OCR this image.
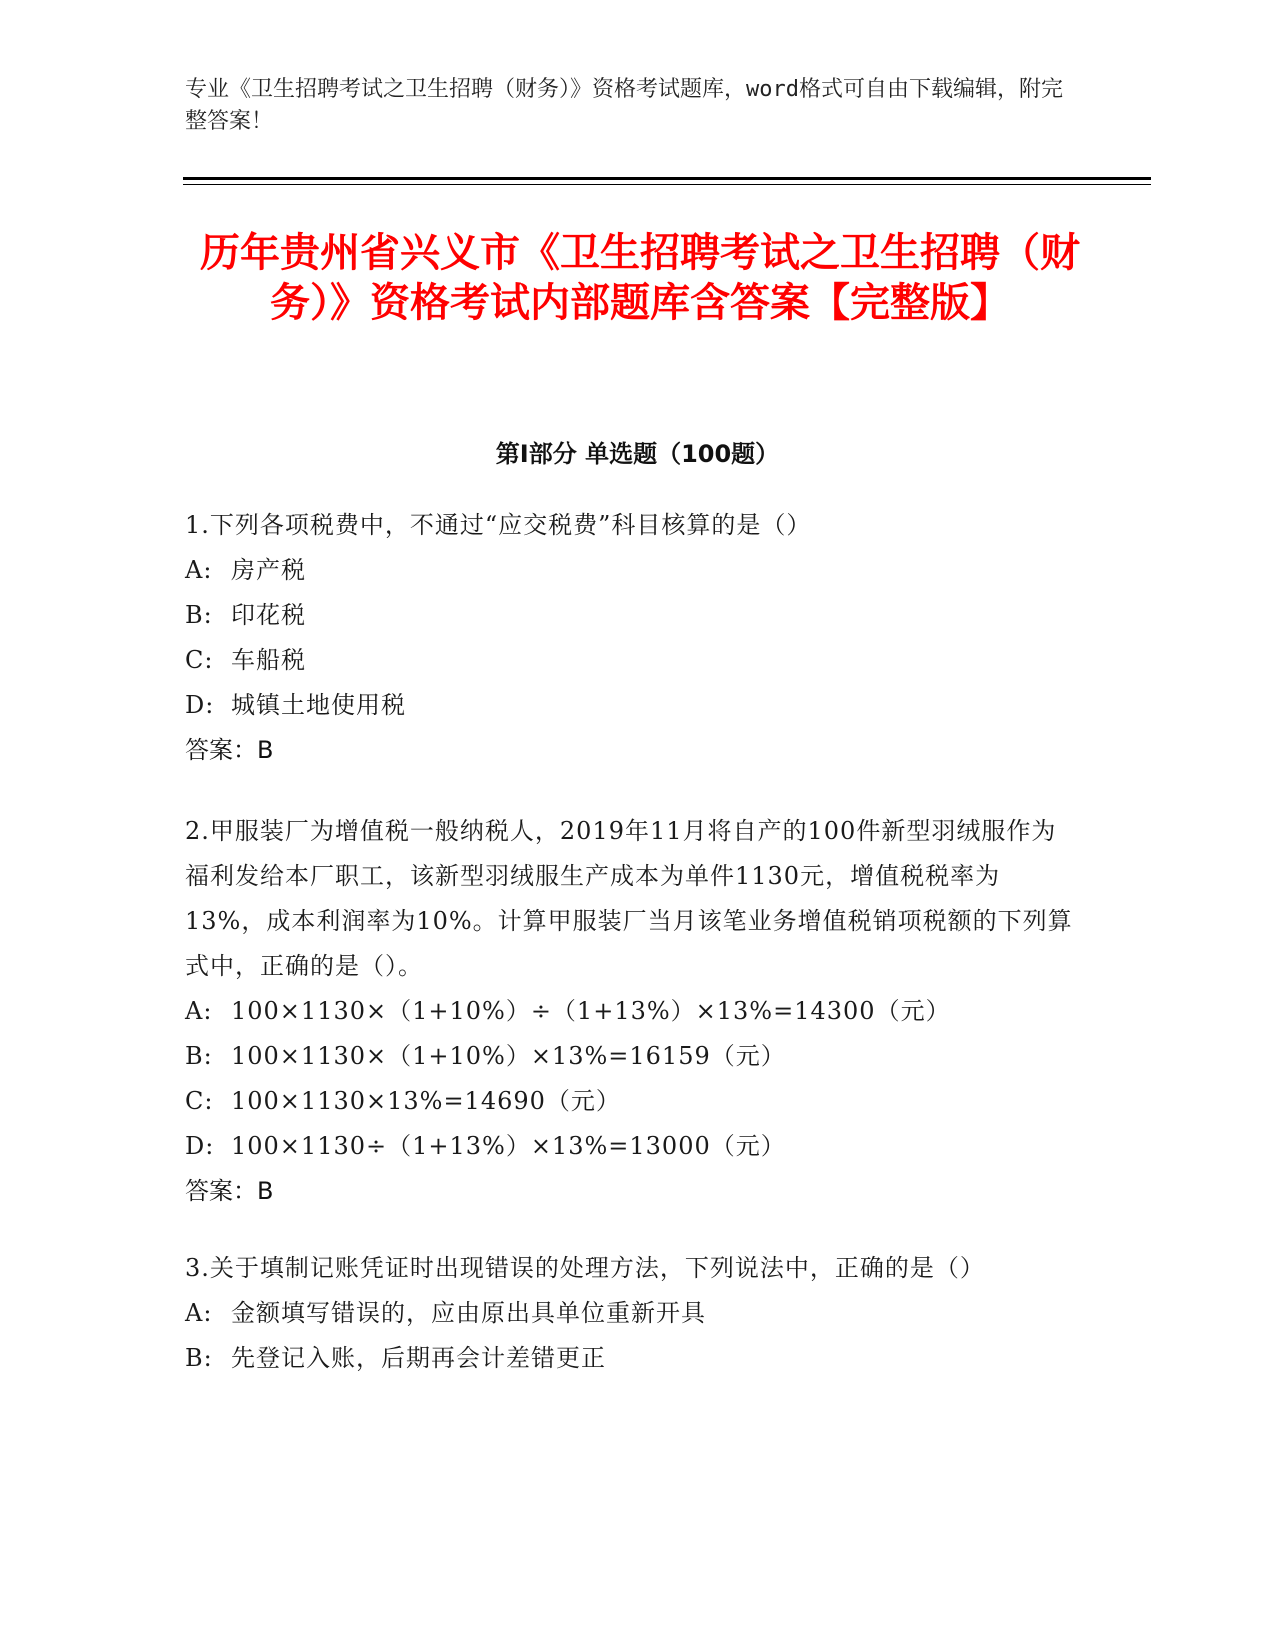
专业《卫生招聘考试之卫生招聘（财务）》资格考试题库，word格式可自由下载编辑，附完整答案！
历年贵州省兴义市《卫生招聘考试之卫生招聘（财务）》资格考试内部题库含答案【完整版】
第Ⅰ部分 单选题（100题）
1.下列各项税费中，不通过“应交税费”科目核算的是（）
A: 房产税
B: 印花税
C: 车船税
D: 城镇土地使用税
答案：B
2.甲服装厂为增值税一般纳税人，2019年11月将自产的100件新型羽绒服作为福利发给本厂职工，该新型羽绒服生产成本为单件1130元，增值税税率为13%，成本利润率为10%。计算甲服装厂当月该笔业务增值税销项税额的下列算式中，正确的是（）。
A: 100×1130×（1+10%）÷（1+13%）×13%=14300（元）
B: 100×1130×（1+10%）×13%=16159（元）
C: 100×1130×13%=14690（元）
D: 100×1130÷（1+13%）×13%=13000（元）
答案：B
3.关于填制记账凭证时出现错误的处理方法，下列说法中，正确的是（）
A: 金额填写错误的，应由原出具单位重新开具
B: 先登记入账，后期再会计差错更正
